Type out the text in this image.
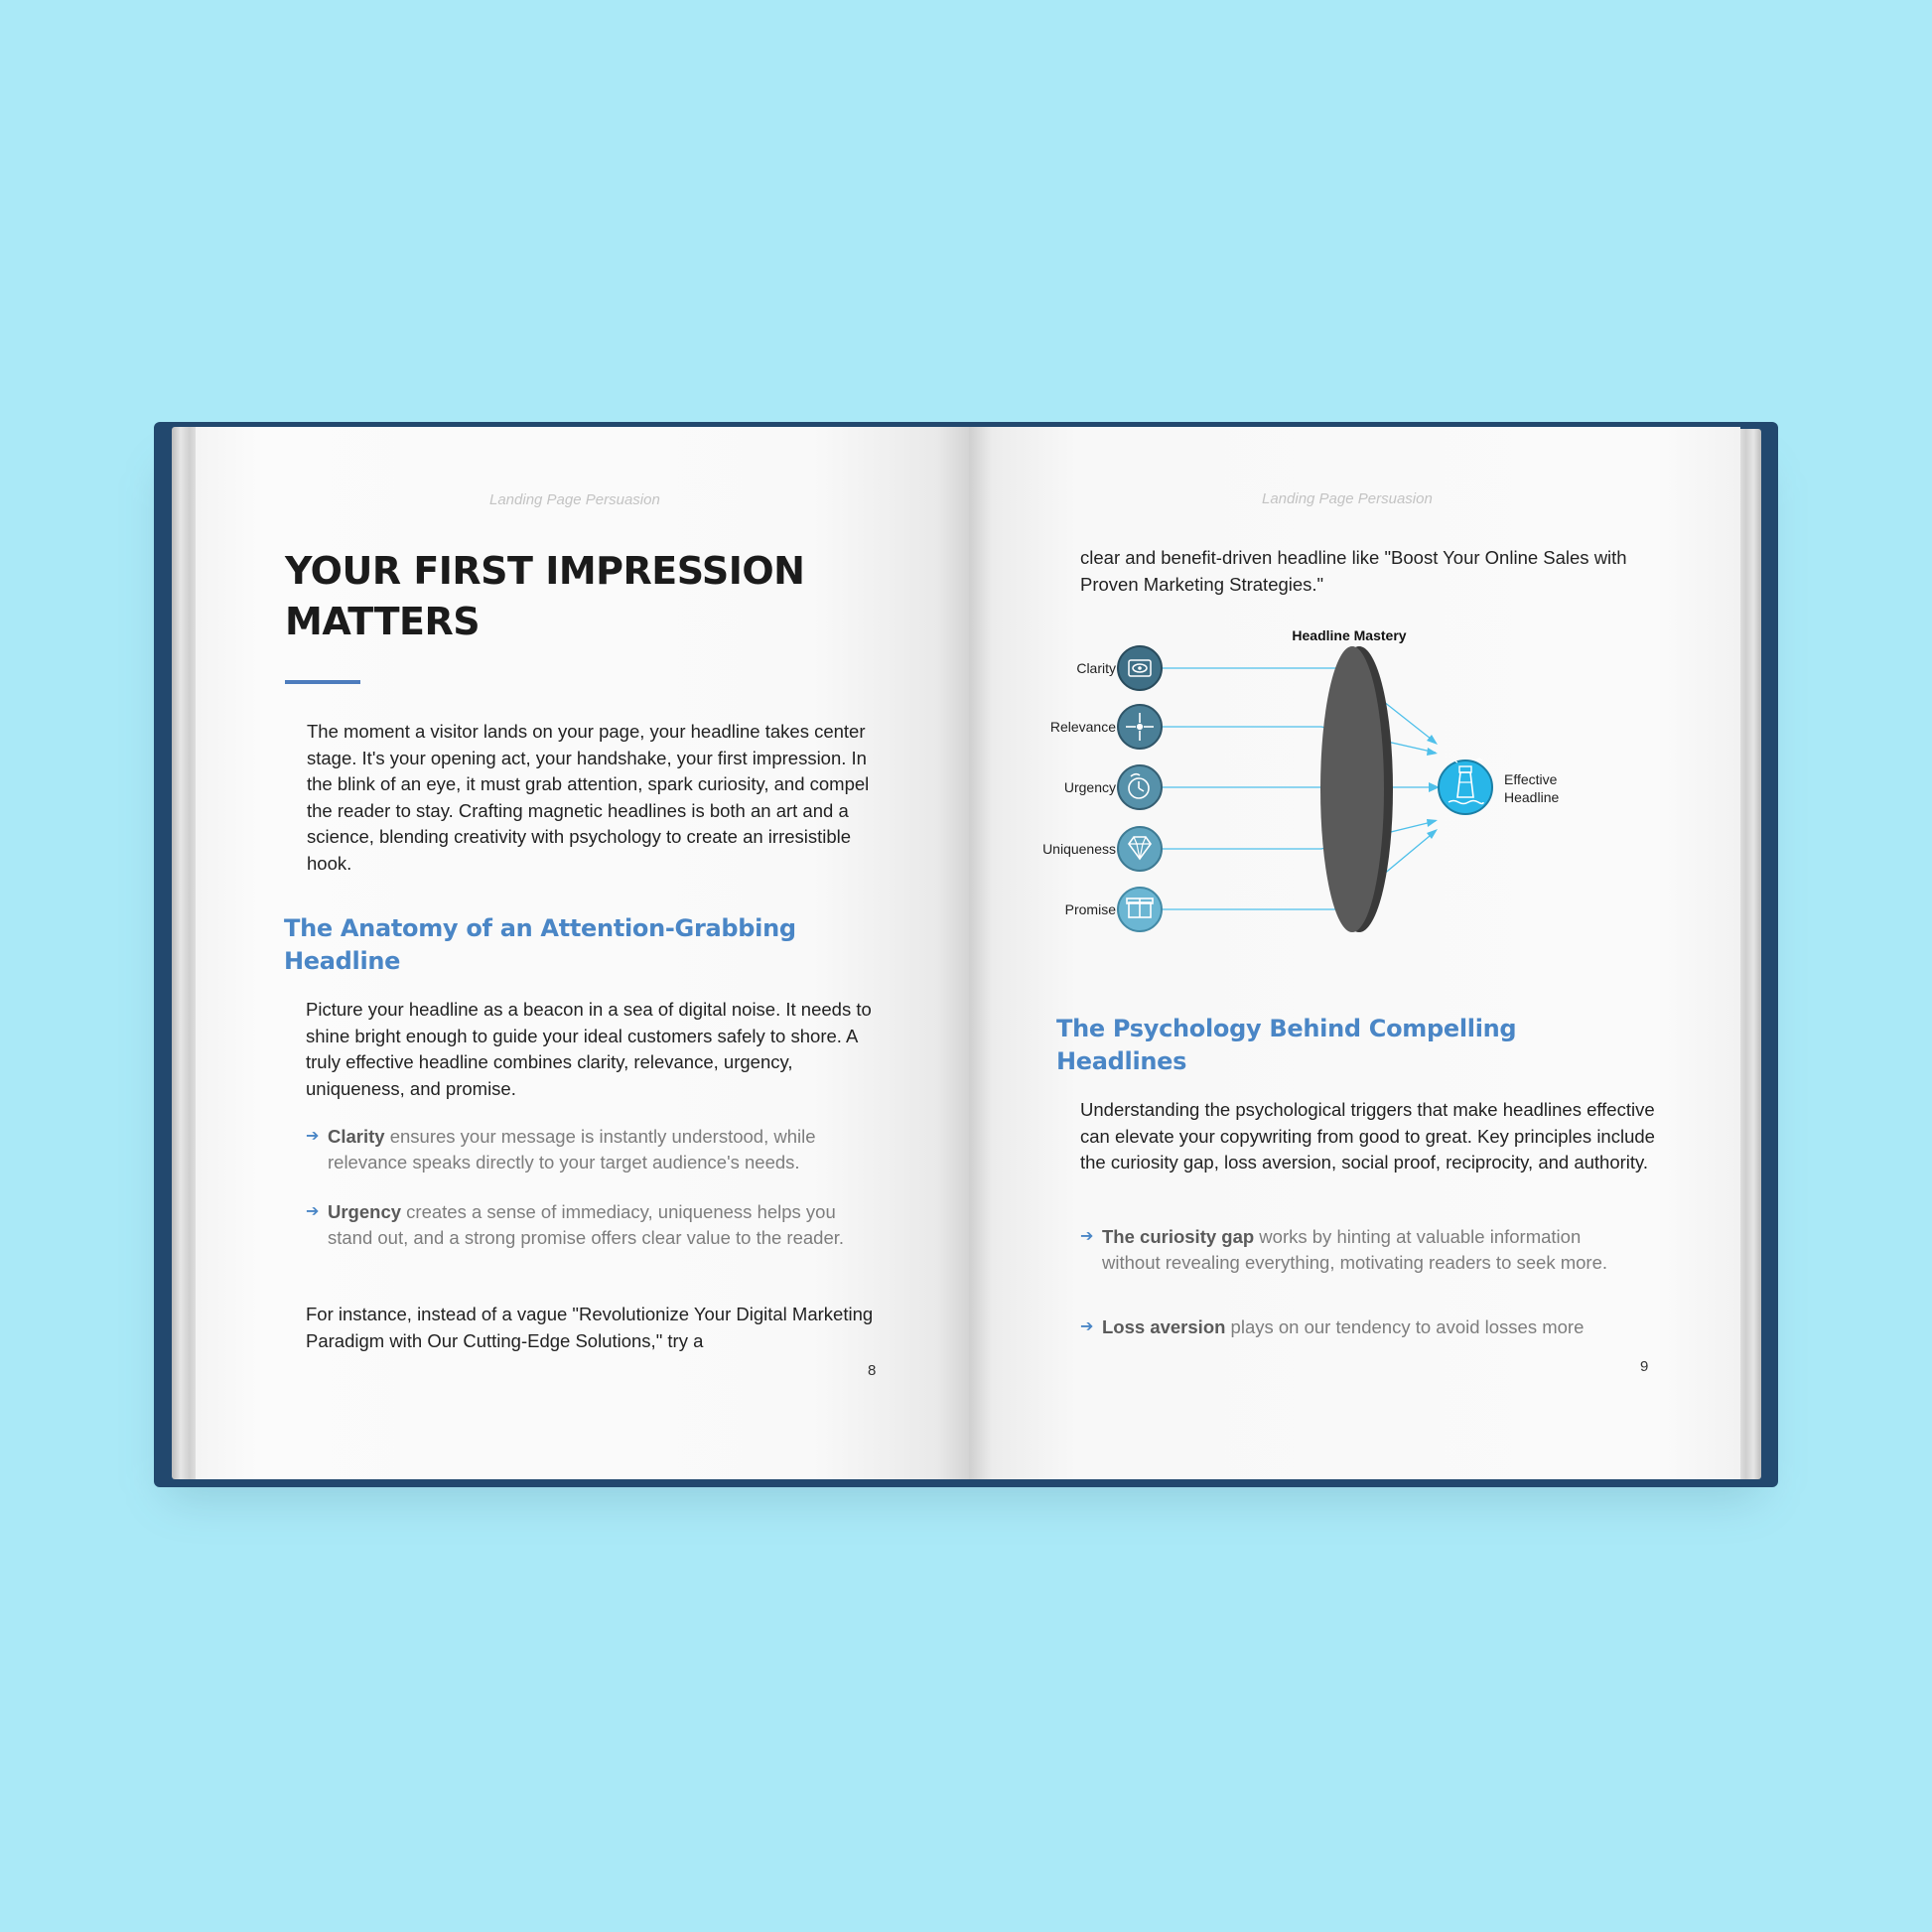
Landing Page Persuasion
YOUR FIRST IMPRESSION
MATTERS

The moment a visitor lands on your page, your headline takes center stage. It's your opening act, your handshake, your first impression. In the blink of an eye, it must grab attention, spark curiosity, and compel the reader to stay. Crafting magnetic headlines is both an art and a science, blending creativity with psychology to create an irresistible hook.

The Anatomy of an Attention-Grabbing
Headline

Picture your headline as a beacon in a sea of digital noise. It needs to shine bright enough to guide your ideal customers safely to shore. A truly effective headline combines clarity, relevance, urgency, uniqueness, and promise.

➔ Clarity ensures your message is instantly understood, while relevance speaks directly to your target audience's needs.
➔ Urgency creates a sense of immediacy, uniqueness helps you stand out, and a strong promise offers clear value to the reader.

For instance, instead of a vague "Revolutionize Your Digital Marketing Paradigm with Our Cutting-Edge Solutions," try a

8
Landing Page Persuasion

clear and benefit-driven headline like "Boost Your Online Sales with Proven Marketing Strategies."

Headline Mastery
Clarity
Relevance
Urgency
Uniqueness
Promise
Effective
Headline
The Psychology Behind Compelling
Headlines

Understanding the psychological triggers that make headlines effective can elevate your copywriting from good to great. Key principles include the curiosity gap, loss aversion, social proof, reciprocity, and authority.

➔ The curiosity gap works by hinting at valuable information without revealing everything, motivating readers to seek more.
➔ Loss aversion plays on our tendency to avoid losses more
9
